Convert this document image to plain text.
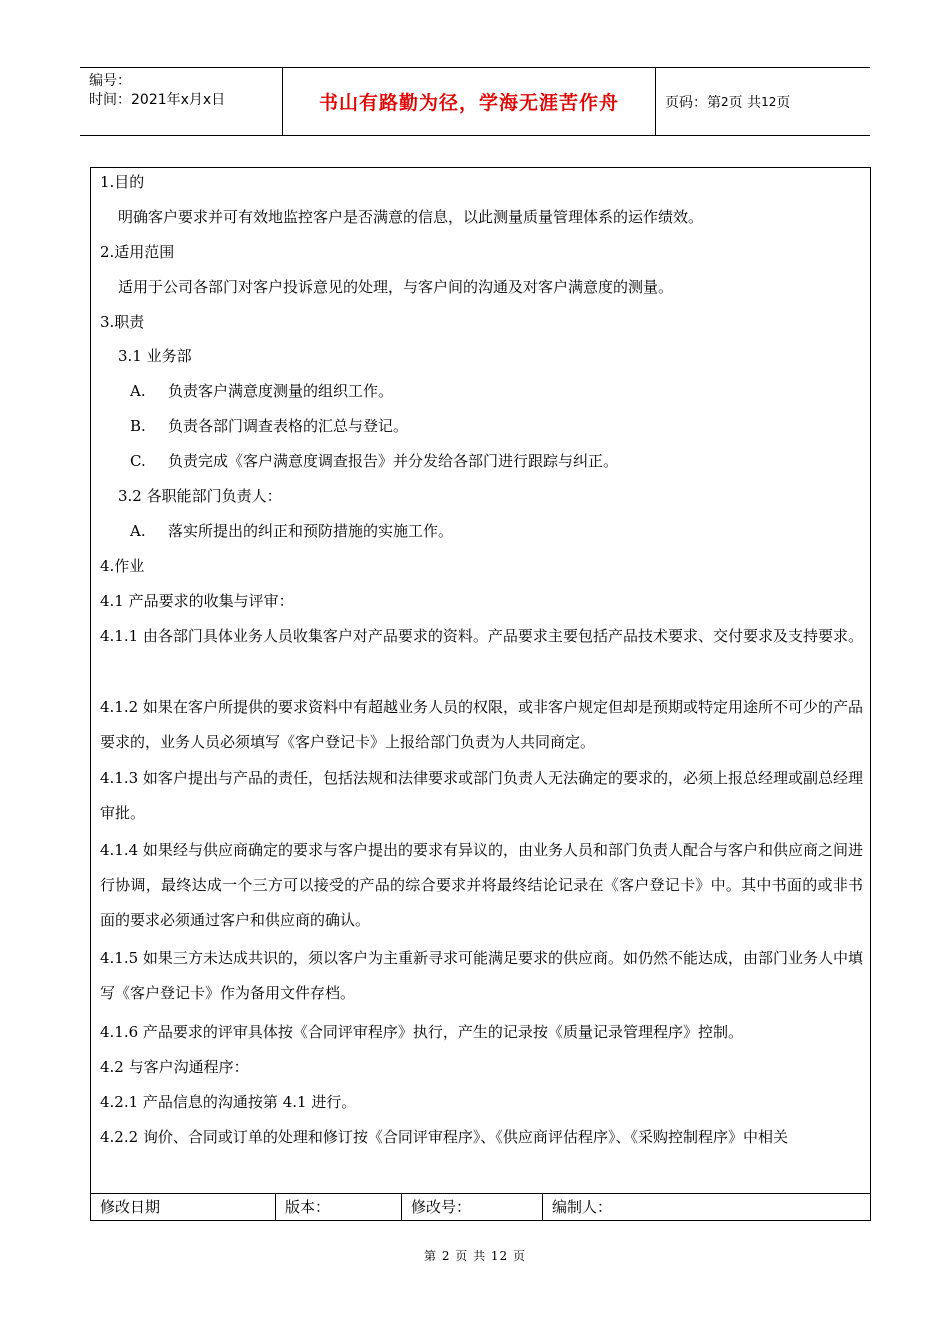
编号：
时间：2021年x月x日	书山有路勤为径，学海无涯苦作舟	页码：第 2 页 共 12 页
1.目的
明确客户要求并可有效地监控客户是否满意的信息，以此测量质量管理体系的运作绩效。
2.适用范围
适用于公司各部门对客户投诉意见的处理，与客户间的沟通及对客户满意度的测量。
3.职责
3.1 业务部
A. 负责客户满意度测量的组织工作。
B. 负责各部门调查表格的汇总与登记。
C. 负责完成《客户满意度调查报告》并分发给各部门进行跟踪与纠正。
3.2 各职能部门负责人：
A. 落实所提出的纠正和预防措施的实施工作。
4.作业
4.1 产品要求的收集与评审：
4.1.1 由各部门具体业务人员收集客户对产品要求的资料。产品要求主要包括产品技术要求、交付要求及支持要求。
4.1.2 如果在客户所提供的要求资料中有超越业务人员的权限，或非客户规定但却是预期或特定用途所不可少的产品要求的，业务人员必须填写《客户登记卡》上报给部门负责为人共同商定。
4.1.3 如客户提出与产品的责任，包括法规和法律要求或部门负责人无法确定的要求的，必须上报总经理或副总经理审批。
4.1.4 如果经与供应商确定的要求与客户提出的要求有异议的，由业务人员和部门负责人配合与客户和供应商之间进行协调，最终达成一个三方可以接受的产品的综合要求并将最终结论记录在《客户登记卡》中。其中书面的或非书面的要求必须通过客户和供应商的确认。
4.1.5 如果三方未达成共识的，须以客户为主重新寻求可能满足要求的供应商。如仍然不能达成，由部门业务人中填写《客户登记卡》作为备用文件存档。
4.1.6 产品要求的评审具体按《合同评审程序》执行，产生的记录按《质量记录管理程序》控制。
4.2 与客户沟通程序：
4.2.1 产品信息的沟通按第 4.1 进行。
4.2.2 询价、合同或订单的处理和修订按《合同评审程序》、《供应商评估程序》、《采购控制程序》中相关
修改日期	版本：	修改号：	编制人：
第 2 页 共 12 页
